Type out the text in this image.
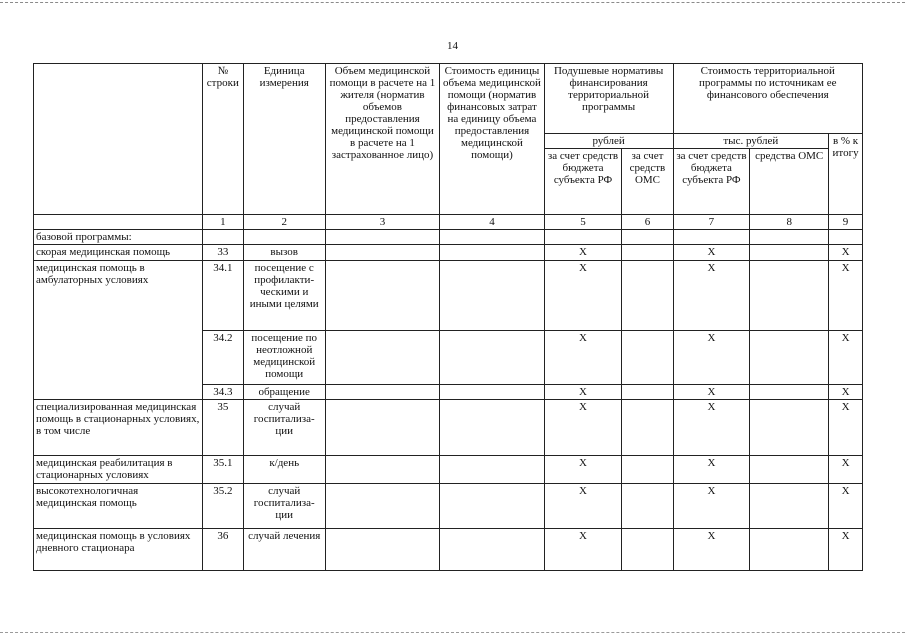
14
	№ строки	Единица измерения	Объем медицинской помощи в расчете на 1 жителя (норматив объемов предоставления медицинской помощи в расчете на 1 застрахованное лицо)	Стоимость единицы объема медицинской помощи (норматив финансовых затрат на единицу объема предоставления медицинской помощи)	Подушевые нормативы финансирования территориальной программы		Стоимость территориальной программы по источникам ее финансового обеспечения		
					рублей		тыс. рублей		в % к итогу
					за счет средств бюджета субъекта РФ	за счет средств ОМС	за счет средств бюджета субъекта РФ	средства ОМС	
	1	2	3	4	5	6	7	8	9
базовой программы:									
скорая медицинская помощь	33	вызов			Х		Х		Х
медицинская помощь в амбулаторных условиях	34.1	посещение с профилакти-ческими и иными целями			Х		Х		Х
	34.2	посещение по неотложной медицинской помощи			Х		Х		Х
	34.3	обращение			Х		Х		Х
специализированная медицинская помощь в стационарных условиях, в том числе	35	случай госпитализа-ции			Х		Х		Х
медицинская реабилитация в стационарных условиях	35.1	к/день			Х		Х		Х
высокотехнологичная медицинская помощь	35.2	случай госпитализа-ции			Х		Х		Х
медицинская помощь в условиях дневного стационара	36	случай лечения			Х		Х		Х
